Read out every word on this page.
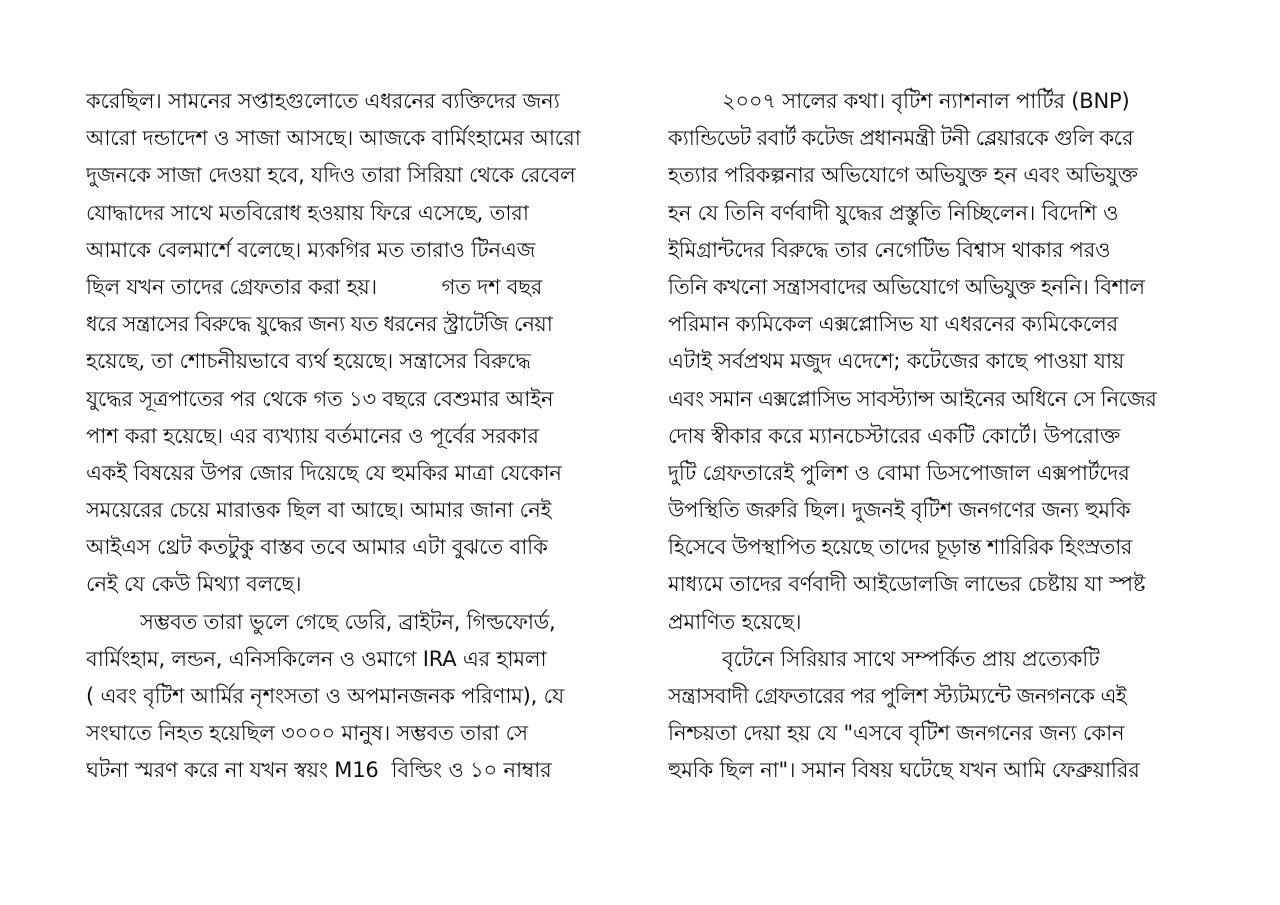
করেছিল। সামনের সপ্তাহগুলোতে এধরনের ব্যক্তিদের জন্য
আরো দন্ডাদেশ ও সাজা আসছে। আজকে বার্মিংহামের আরো
দুজনকে সাজা দেওয়া হবে, যদিও তারা সিরিয়া থেকে রেবেল
যোদ্ধাদের সাথে মতবিরোধ হওয়ায় ফিরে এসেছে, তারা
আমাকে বেলমার্শে বলেছে। ম্যকগির মত তারাও টিনএজ
ছিল যখন তাদের গ্রেফতার করা হয়।          গত দশ বছর
ধরে সন্ত্রাসের বিরুদ্ধে যুদ্ধের জন্য যত ধরনের স্ট্রাটেজি নেয়া
হয়েছে, তা শোচনীয়ভাবে ব্যর্থ হয়েছে। সন্ত্রাসের বিরুদ্ধে
যুদ্ধের সূত্রপাতের পর থেকে গত ১৩ বছরে বেশুমার আইন
পাশ করা হয়েছে। এর ব্যখ্যায় বর্তমানের ও পূর্বের সরকার
একই বিষয়ের উপর জোর দিয়েছে যে হুমকির মাত্রা যেকোন
সময়েরের চেয়ে মারাত্তক ছিল বা আছে। আমার জানা নেই
আইএস থ্রেট কতটুকু বাস্তব তবে আমার এটা বুঝতে বাকি
নেই যে কেউ মিথ্যা বলছে।
সম্ভবত তারা ভুলে গেছে ডেরি, ব্রাইটন, গিল্ডফোর্ড,
বার্মিংহাম, লন্ডন, এনিসকিলেন ও ওমাগে IRA এর হামলা
( এবং বৃটিশ আর্মির নৃশংসতা ও অপমানজনক পরিণাম), যে
সংঘাতে নিহত হয়েছিল ৩০০০ মানুষ। সম্ভবত তারা সে
ঘটনা স্মরণ করে না যখন স্বয়ং M16  বিল্ডিং ও ১০ নাম্বার
২০০৭ সালের কথা। বৃটিশ ন্যাশনাল পার্টির (BNP)
ক্যান্ডিডেট রবার্ট কটেজ প্রধানমন্ত্রী টনী ব্লেয়ারকে গুলি করে
হত্যার পরিকল্পনার অভিযোগে অভিযুক্ত হন এবং অভিযুক্ত
হন যে তিনি বর্ণবাদী যুদ্ধের প্রস্তুতি নিচ্ছিলেন। বিদেশি ও
ইমিগ্রান্টদের বিরুদ্ধে তার নেগেটিভ বিশ্বাস থাকার পরও
তিনি কখনো সন্ত্রাসবাদের অভিযোগে অভিযুক্ত হননি। বিশাল
পরিমান ক্যমিকেল এক্সপ্লোসিভ যা এধরনের ক্যমিকেলের
এটাই সর্বপ্রথম মজুদ এদেশে; কটেজের কাছে পাওয়া যায়
এবং সমান এক্সপ্লোসিভ সাবস্ট্যান্স আইনের অধিনে সে নিজের
দোষ স্বীকার করে ম্যানচেস্টারের একটি কোর্টে। উপরোক্ত
দুটি গ্রেফতারেই পুলিশ ও বোমা ডিসপোজাল এক্সপার্টদের
উপস্থিতি জরুরি ছিল। দুজনই বৃটিশ জনগণের জন্য হুমকি
হিসেবে উপস্থাপিত হয়েছে তাদের চূড়ান্ত শারিরিক হিংস্রতার
মাধ্যমে তাদের বর্ণবাদী আইডোলজি লাভের চেষ্টায় যা স্পষ্ট
প্রমাণিত হয়েছে।
বৃটেনে সিরিয়ার সাথে সম্পর্কিত প্রায় প্রত্যেকটি
সন্ত্রাসবাদী গ্রেফতারের পর পুলিশ স্ট্যটম্যন্টে জনগনকে এই
নিশ্চয়তা দেয়া হয় যে "এসবে বৃটিশ জনগনের জন্য কোন
হুমকি ছিল না"। সমান বিষয় ঘটেছে যখন আমি ফেব্রুয়ারির
